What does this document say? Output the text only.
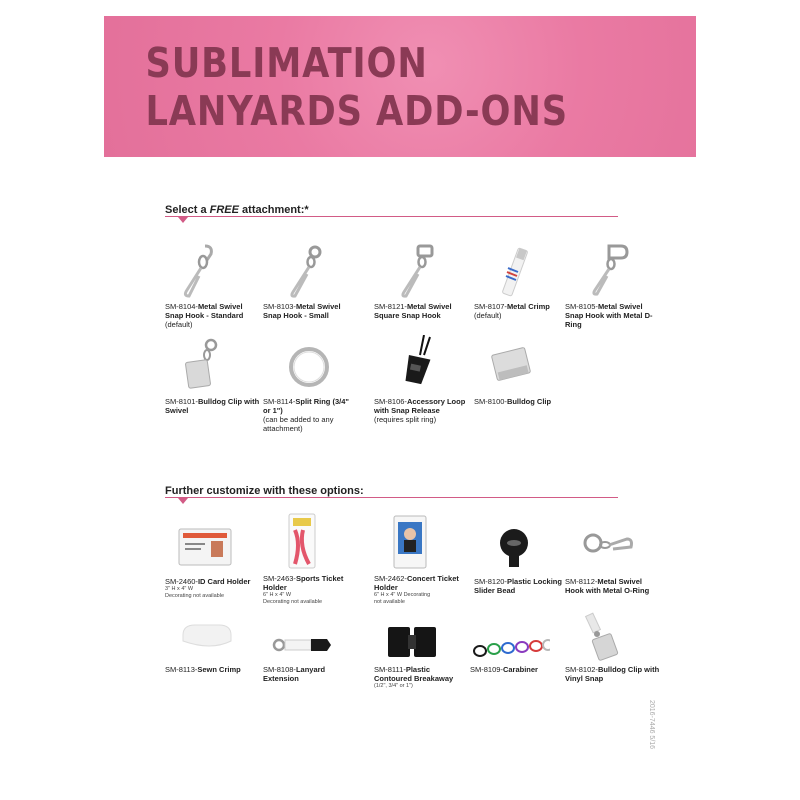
SUBLIMATION LANYARDS ADD-ONS
Select a FREE attachment:*
SM-8104-Metal Swivel Snap Hook - Standard
(default)
SM-8103-Metal Swivel Snap Hook - Small
SM-8121-Metal Swivel Square Snap Hook
SM-8107-Metal Crimp
(default)
SM-8105-Metal Swivel Snap Hook with Metal D-Ring
SM-8101-Bulldog Clip with Swivel
SM-8114-Split Ring (3/4" or 1")
(can be added to any attachment)
SM-8106-Accessory Loop with Snap Release
(requires split ring)
SM-8100-Bulldog Clip
Further customize with these options:
SM-2460-ID Card Holder
3" H x 4" W
Decorating not available
SM-2463-Sports Ticket Holder
6" H x 4" W
Decorating not available
SM-2462-Concert Ticket Holder
6" H x 4" W Decorating
not available
SM-8120-Plastic Locking Slider Bead
SM-8112-Metal Swivel Hook with Metal O-Ring
SM-8113-Sewn Crimp	SM-8108-Lanyard Extension
SM-8111-Plastic Contoured Breakaway
(1/2", 3/4" or 1")
SM-8109-Carabiner	SM-8102-Bulldog Clip with Vinyl Snap
2016-7446 5/16
